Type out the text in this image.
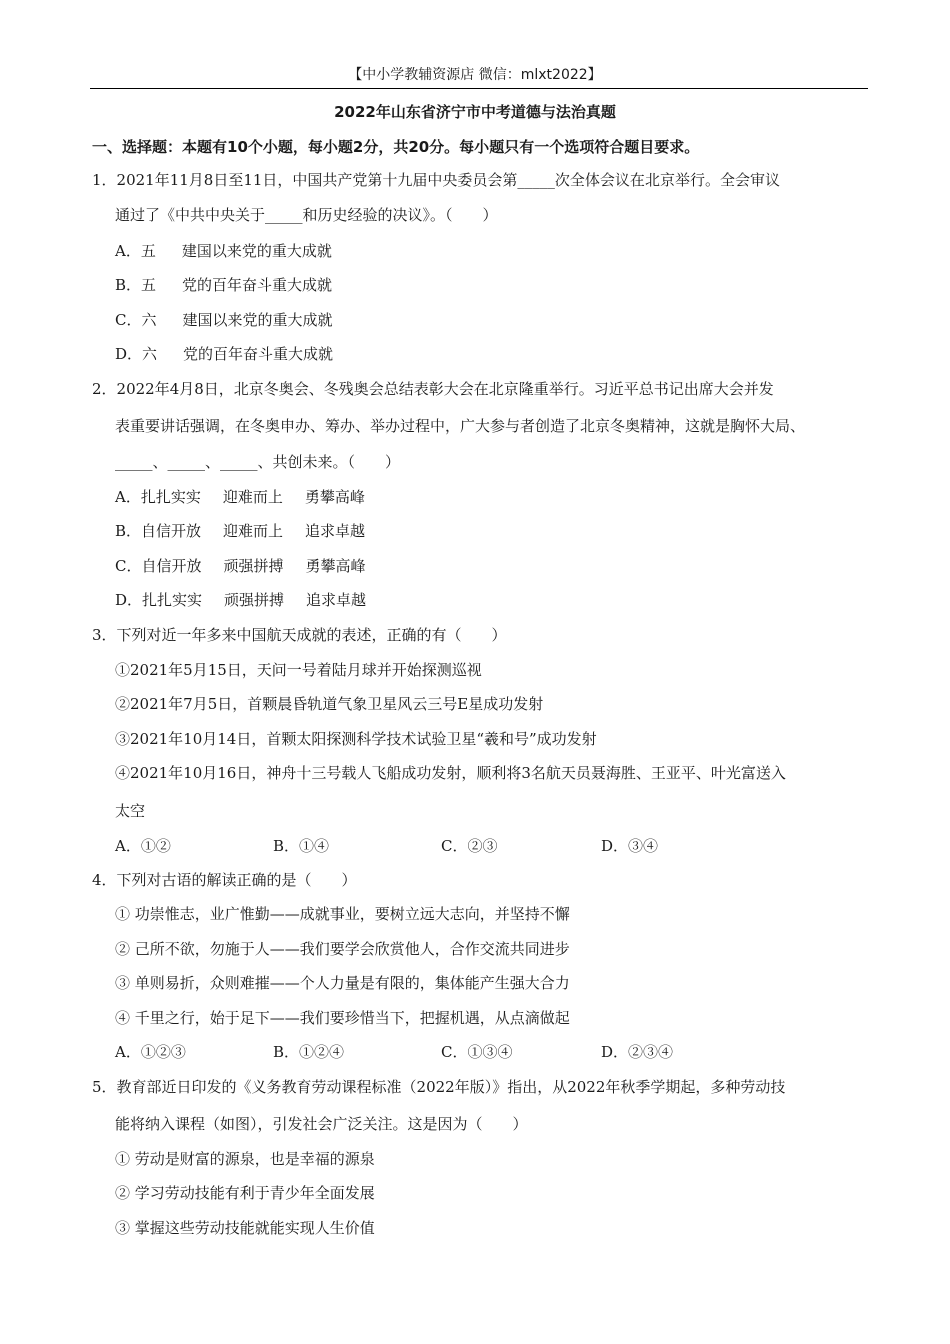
【中小学教辅资源店 微信：mlxt2022】
2022年山东省济宁市中考道德与法治真题
一、选择题：本题有10个小题，每小题2分，共20分。每小题只有一个选项符合题目要求。
1．2021年11月8日至11日，中国共产党第十九届中央委员会第_____次全体会议在北京举行。全会审议
通过了《中共中央关于_____和历史经验的决议》。（　　）
A．五 建国以来党的重大成就
B．五 党的百年奋斗重大成就
C．六 建国以来党的重大成就
D．六 党的百年奋斗重大成就
2．2022年4月8日，北京冬奥会、冬残奥会总结表彰大会在北京隆重举行。习近平总书记出席大会并发
表重要讲话强调，在冬奥申办、筹办、举办过程中，广大参与者创造了北京冬奥精神，这就是胸怀大局、
_____、_____、_____、共创未来。（　　）
A．扎扎实实 迎难而上 勇攀高峰
B．自信开放 迎难而上 追求卓越
C．自信开放 顽强拼搏 勇攀高峰
D．扎扎实实 顽强拼搏 追求卓越
3．下列对近一年多来中国航天成就的表述，正确的有（　　）
①2021年5月15日，天问一号着陆月球并开始探测巡视
②2021年7月5日，首颗晨昏轨道气象卫星风云三号E星成功发射
③2021年10月14日，首颗太阳探测科学技术试验卫星“羲和号”成功发射
④2021年10月16日，神舟十三号载人飞船成功发射，顺利将3名航天员聂海胜、王亚平、叶光富送入
太空
A．①②	B．①④	C．②③	D．③④
4．下列对古语的解读正确的是（　　）
① 功崇惟志，业广惟勤——成就事业，要树立远大志向，并坚持不懈
② 己所不欲，勿施于人——我们要学会欣赏他人，合作交流共同进步
③ 单则易折，众则难摧——个人力量是有限的，集体能产生强大合力
④ 千里之行，始于足下——我们要珍惜当下，把握机遇，从点滴做起
A．①②③	B．①②④	C．①③④	D．②③④
5．教育部近日印发的《义务教育劳动课程标准（2022年版）》指出，从2022年秋季学期起，多种劳动技
能将纳入课程（如图），引发社会广泛关注。这是因为（　　）
① 劳动是财富的源泉，也是幸福的源泉
② 学习劳动技能有利于青少年全面发展
③ 掌握这些劳动技能就能实现人生价值
